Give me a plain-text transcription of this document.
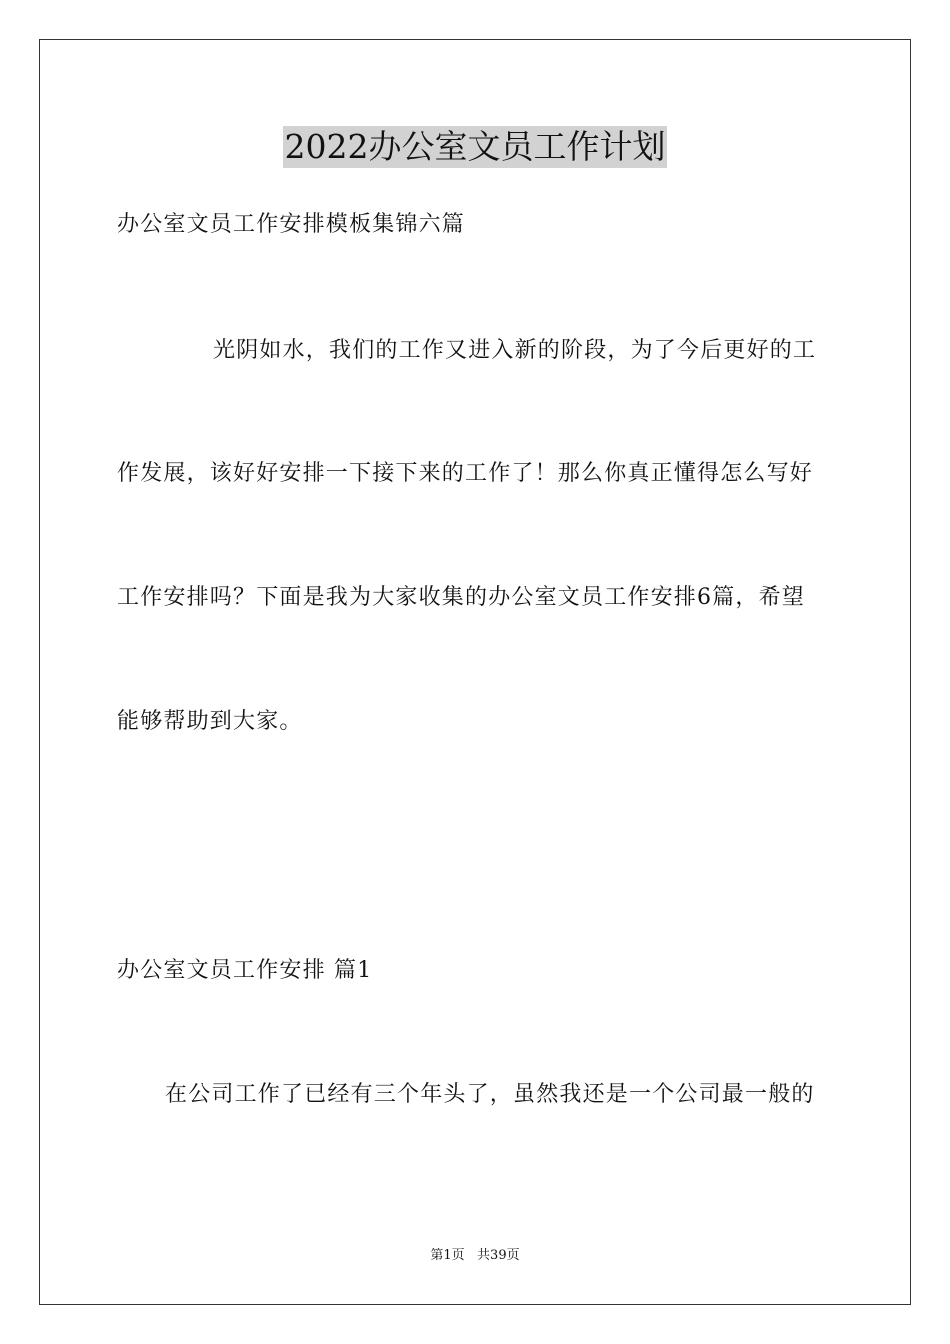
2022办公室文员工作计划
办公室文员工作安排模板集锦六篇
光阴如水，我们的工作又进入新的阶段，为了今后更好的工
作发展，该好好安排一下接下来的工作了！那么你真正懂得怎么写好
工作安排吗？下面是我为大家收集的办公室文员工作安排6篇，希望
能够帮助到大家。
办公室文员工作安排 篇1
在公司工作了已经有三个年头了，虽然我还是一个公司最一般的
第1页   共39页
